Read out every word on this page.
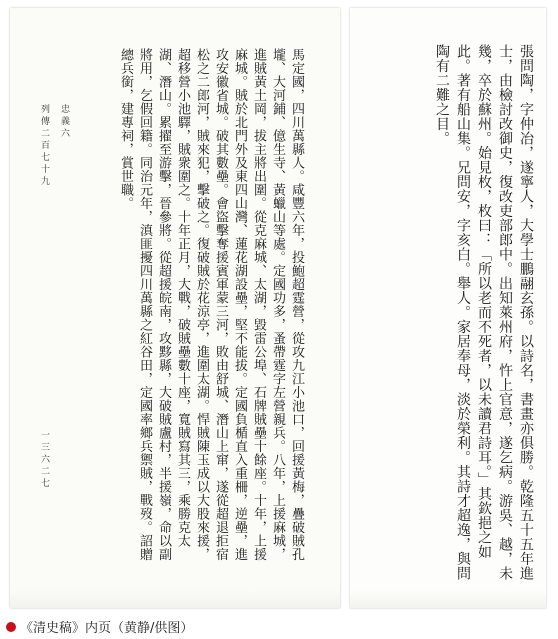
馬定國，四川萬縣人。咸豐六年，投鮑超霆營，從攻九江小池口，回援黃梅，疊破賊孔壠、大河鋪、億生寺、黃蠟山等處。定國功多，蚤帶霆字左營親兵。八年，上援麻城，進賊黃土岡，拔主將出圍。從克麻城、太湖，毀雷公埠、石牌賊壘十餘座。十年，上援麻城。賊於北門外及東四山灣、蓮花湖設壘，堅不能拔。定國負楯直入重柵，逆壘，進攻安徽省城。破其數壘。會盜擊奪援賓軍蒙三河，敗由舒城、潛山上窜，遂從超退拒宿松之二郎河，賊來犯，擊破之。復破賊於花涼亭，進圍太湖。悍賊陳玉成以大股來援，超移營小池驛，賊衆圍之。十年正月，大戰，破賊壘數十座，寬賊寫其三，乘勝克太湖、潛山。累擢至游擊，晉參將。從超援皖南，攻黟縣，大破賊盧村，半援嶺，命以副將用，乞假回籍。同治元年，滇匪擾四川萬縣之紅谷田，定國率鄉兵禦賊，戰歿。詔贈總兵銜，建專祠，賞世職。
忠義六
列傳二百七十九
一三六二七	張問陶，字仲冶，遂寧人，大學士鵬翮玄孫。以詩名，書畫亦俱勝。乾隆五十五年進士，由檢討改御史，復改吏部郎中。出知萊州府，忤上官意，遂乞病。游吳、越，未幾，卒於蘇州。始見枚，枚曰：「所以老而不死者，以未讀君詩耳。」其欽挹之如此。著有船山集。兄問安，字亥白。舉人。家居奉母，淡於榮利。其詩才超逸，與問陶有二難之目。
《清史稿》内页（黄静/供图）
